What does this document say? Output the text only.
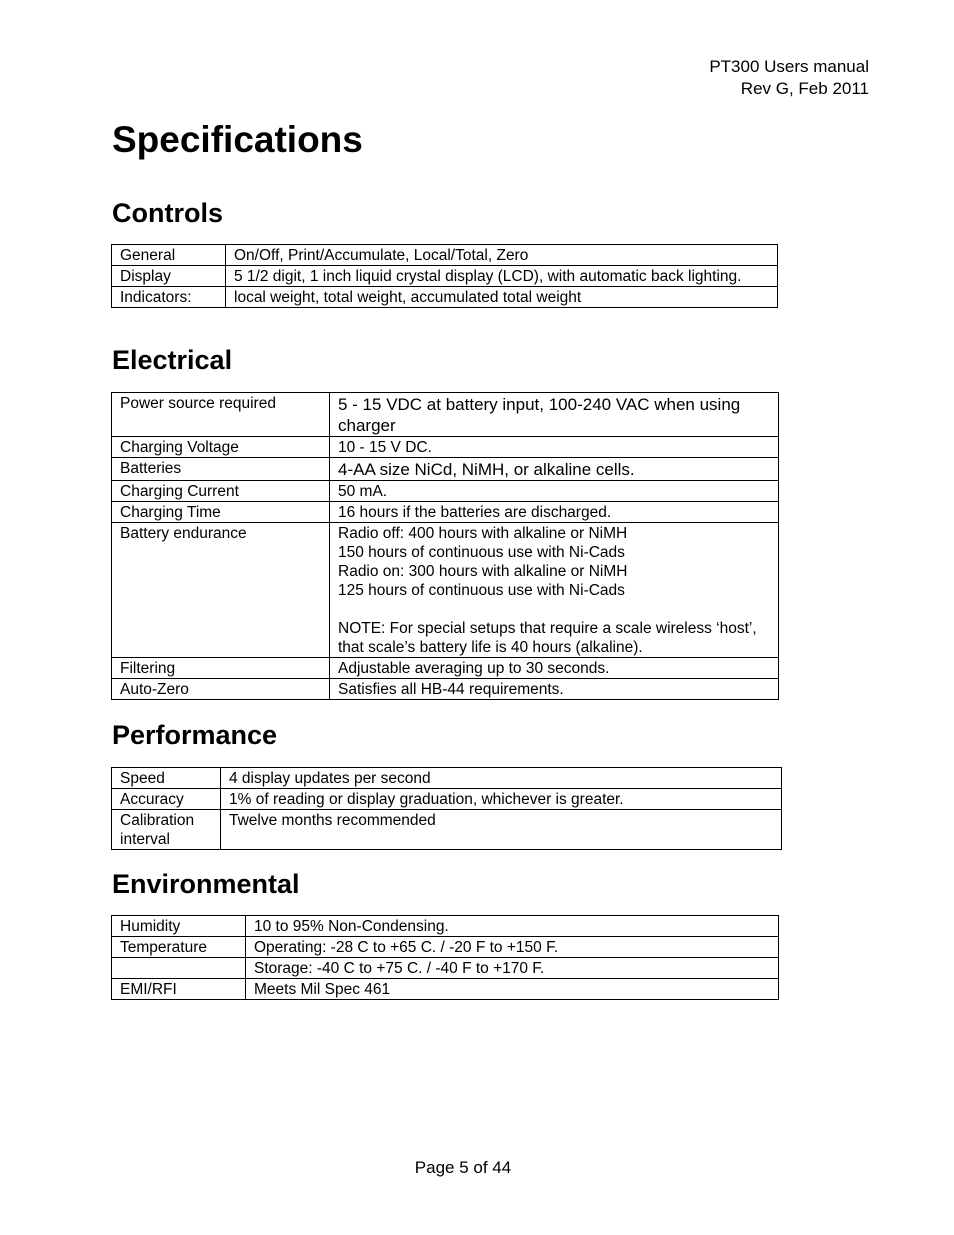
PT300 Users manual
Rev G, Feb 2011
Specifications
Controls
General	On/Off, Print/Accumulate, Local/Total, Zero
Display	5 1/2 digit, 1 inch liquid crystal display (LCD), with automatic back lighting.
Indicators:	local weight, total weight, accumulated total weight
Electrical
Power source required	5 - 15 VDC at battery input, 100-240 VAC when using charger
Charging Voltage	10 - 15 V DC.
Batteries	4-AA size NiCd, NiMH, or alkaline cells.
Charging Current	50 mA.
Charging Time	16 hours if the batteries are discharged.
Battery endurance	Radio off: 400 hours with alkaline or NiMH
150 hours of continuous use with Ni-Cads
Radio on: 300 hours with alkaline or NiMH
125 hours of continuous use with Ni-Cads

NOTE: For special setups that require a scale wireless ‘host’, that scale’s battery life is 40 hours (alkaline).
Filtering	Adjustable averaging up to 30 seconds.
Auto-Zero	Satisfies all HB-44 requirements.
Performance
Speed	4 display updates per second
Accuracy	1% of reading or display graduation, whichever is greater.
Calibration interval	Twelve months recommended
Environmental
Humidity	10 to 95% Non-Condensing.
Temperature	Operating: -28 C to +65 C. / -20 F to +150 F.
	Storage: -40 C to +75 C. / -40 F to +170 F.
EMI/RFI	Meets Mil Spec 461
Page 5 of 44
